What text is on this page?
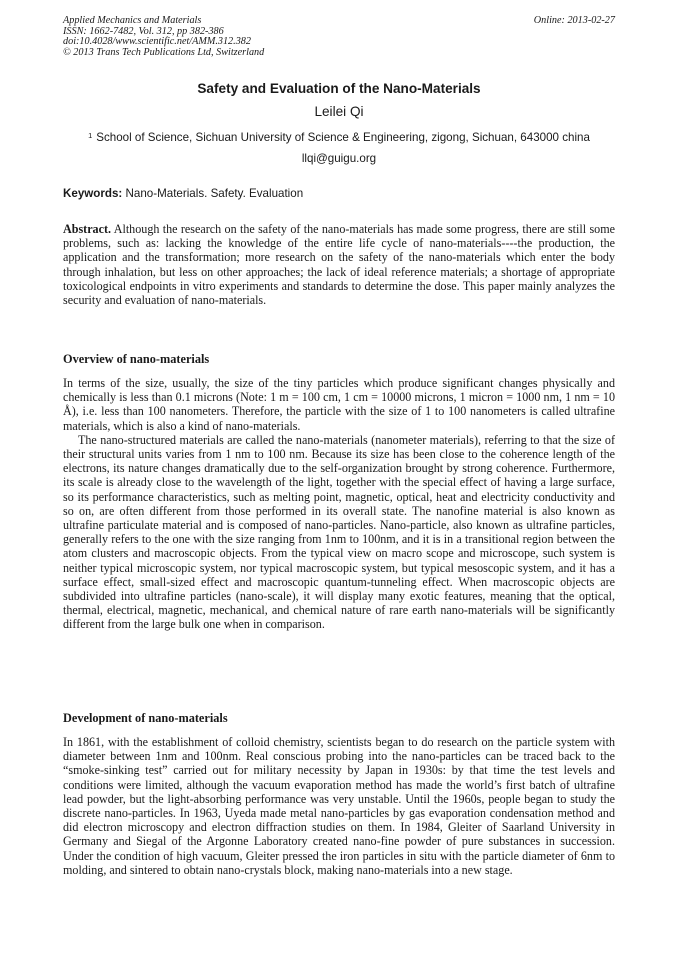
Applied Mechanics and Materials
ISSN: 1662-7482, Vol. 312, pp 382-386
doi:10.4028/www.scientific.net/AMM.312.382
© 2013 Trans Tech Publications Ltd, Switzerland
Online: 2013-02-27
Safety and Evaluation of the Nano-Materials
Leilei Qi
$^1$ School of Science, Sichuan University of Science & Engineering, zigong, Sichuan, 643000 china
llqi@guigu.org
Keywords: Nano-Materials. Safety. Evaluation
Abstract. Although the research on the safety of the nano-materials has made some progress, there are still some problems, such as: lacking the knowledge of the entire life cycle of nano-materials----the production, the application and the transformation; more research on the safety of the nano-materials which enter the body through inhalation, but less on other approaches; the lack of ideal reference materials; a shortage of appropriate toxicological endpoints in vitro experiments and standards to determine the dose. This paper mainly analyzes the security and evaluation of nano-materials.
Overview of nano-materials

In terms of the size, usually, the size of the tiny particles which produce significant changes physically and chemically is less than 0.1 microns (Note: 1 m = 100 cm, 1 cm = 10000 microns, 1 micron = 1000 nm, 1 nm = 10 Å), i.e. less than 100 nanometers. Therefore, the particle with the size of 1 to 100 nanometers is called ultrafine materials, which is also a kind of nano-materials.

The nano-structured materials are called the nano-materials (nanometer materials), referring to that the size of their structural units varies from 1 nm to 100 nm. Because its size has been close to the coherence length of the electrons, its nature changes dramatically due to the self-organization brought by strong coherence. Furthermore, its scale is already close to the wavelength of the light, together with the special effect of having a large surface, so its performance characteristics, such as melting point, magnetic, optical, heat and electricity conductivity and so on, are often different from those performed in its overall state. The nanofine material is also known as ultrafine particulate material and is composed of nano-particles. Nano-particle, also known as ultrafine particles, generally refers to the one with the size ranging from 1nm to 100nm, and it is in a transitional region between the atom clusters and macroscopic objects. From the typical view on macro scope and microscope, such system is neither typical microscopic system, nor typical macroscopic system, but typical mesoscopic system, and it has a surface effect, small-sized effect and macroscopic quantum-tunneling effect. When macroscopic objects are subdivided into ultrafine particles (nano-scale), it will display many exotic features, meaning that the optical, thermal, electrical, magnetic, mechanical, and chemical nature of rare earth nano-materials will be significantly different from the large bulk one when in comparison.

Development of nano-materials

In 1861, with the establishment of colloid chemistry, scientists began to do research on the particle system with diameter between 1nm and 100nm. Real conscious probing into the nano-particles can be traced back to the “smoke-sinking test” carried out for military necessity by Japan in 1930s: by that time the test levels and conditions were limited, although the vacuum evaporation method has made the world’s first batch of ultrafine lead powder, but the light-absorbing performance was very unstable. Until the 1960s, people began to study the discrete nano-particles. In 1963, Uyeda made metal nano-particles by gas evaporation condensation method and did electron microscopy and electron diffraction studies on them. In 1984, Gleiter of Saarland University in Germany and Siegal of the Argonne Laboratory created nano-fine powder of pure substances in succession. Under the condition of high vacuum, Gleiter pressed the iron particles in situ with the particle diameter of 6nm to molding, and sintered to obtain nano-crystals block, making nano-materials into a new stage.
